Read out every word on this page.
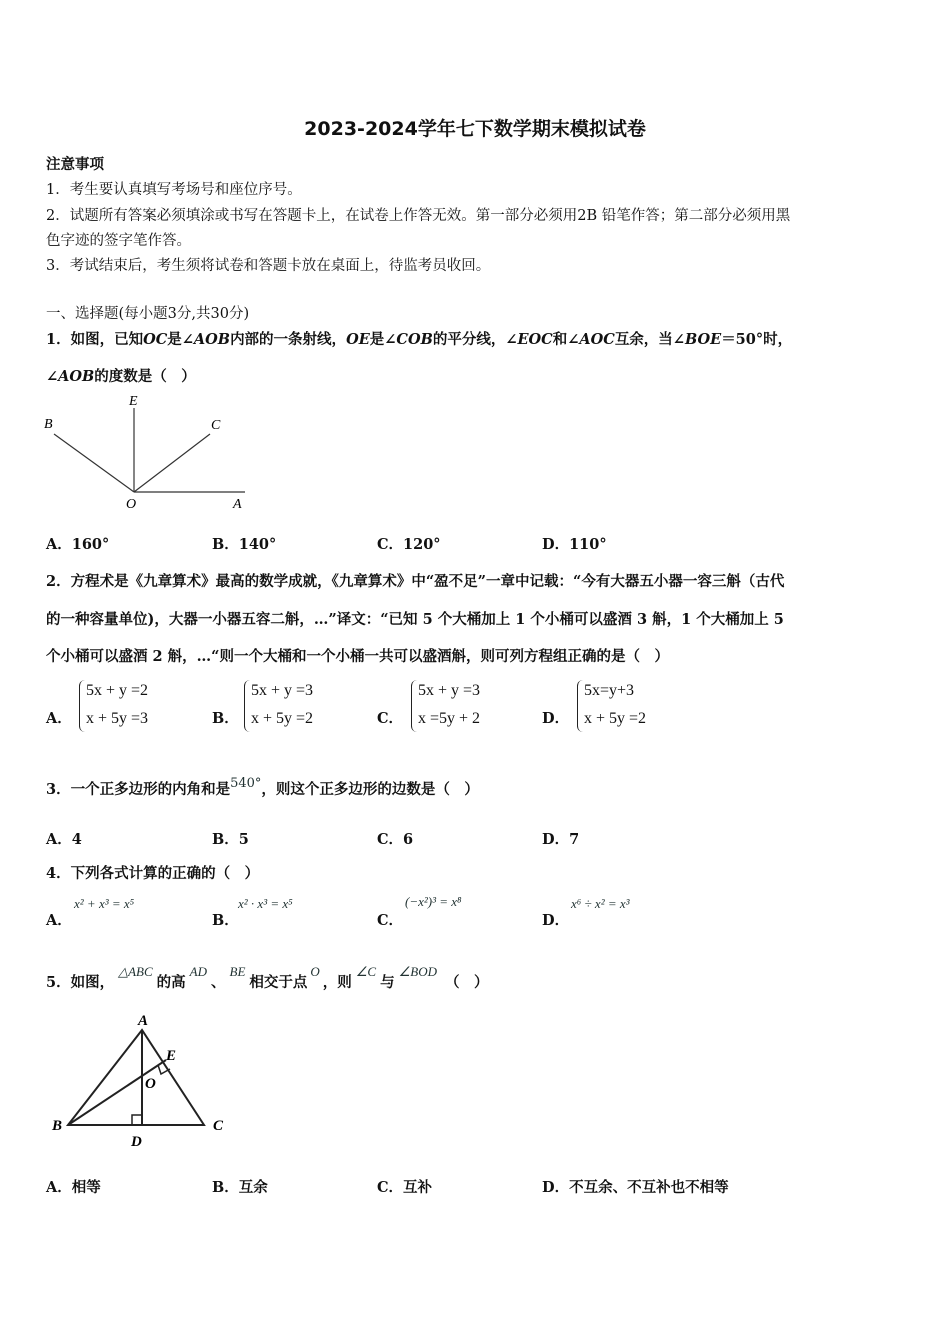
2023-2024学年七下数学期末模拟试卷
注意事项
1．考生要认真填写考场号和座位序号。
2．试题所有答案必须填涂或书写在答题卡上，在试卷上作答无效。第一部分必须用2B 铅笔作答；第二部分必须用黑
色字迹的签字笔作答。
3．考试结束后，考生须将试卷和答题卡放在桌面上，待监考员收回。
一、选择题(每小题3分,共30分)
1．如图，已知OC是∠AOB内部的一条射线，OE是∠COB的平分线，∠EOC和∠AOC互余，当∠BOE＝50°时，
∠AOB的度数是（　）
B
E
C
O	A
A．160°	B．140°	C．120°	D．110°
2．方程术是《九章算术》最高的数学成就，《九章算术》中“盈不足”一章中记载：“今有大器五小器一容三斛（古代
的一种容量单位)，大器一小器五容二斛，…”译文：“已知 5 个大桶加上 1 个小桶可以盛酒 3 斛，1 个大桶加上 5
个小桶可以盛酒 2 斛，…“则一个大桶和一个小桶一共可以盛酒斛，则可列方程组正确的是（　）
A．
5x + y =2
x + 5y =3	B．
5x + y =3
x + 5y =2	C．
5x + y =3
x =5y + 2	D．
5x=y+3
x + 5y =2
3．一个正多边形的内角和是540°，则这个正多边形的边数是（　）
A．4	B．5	C．6	D．7
4．下列各式计算的正确的（　）
A．
x² + x³ = x⁵
B．
x² · x³ = x⁵
C．
(−x²)³ = x⁸
D．
x⁶ ÷ x² = x³
5．如图，△ABC的高AD、BE相交于点O，则∠C与∠BOD（　）
A
B	C
D
E
O
A．相等	B．互余	C．互补	D．不互余、不互补也不相等
